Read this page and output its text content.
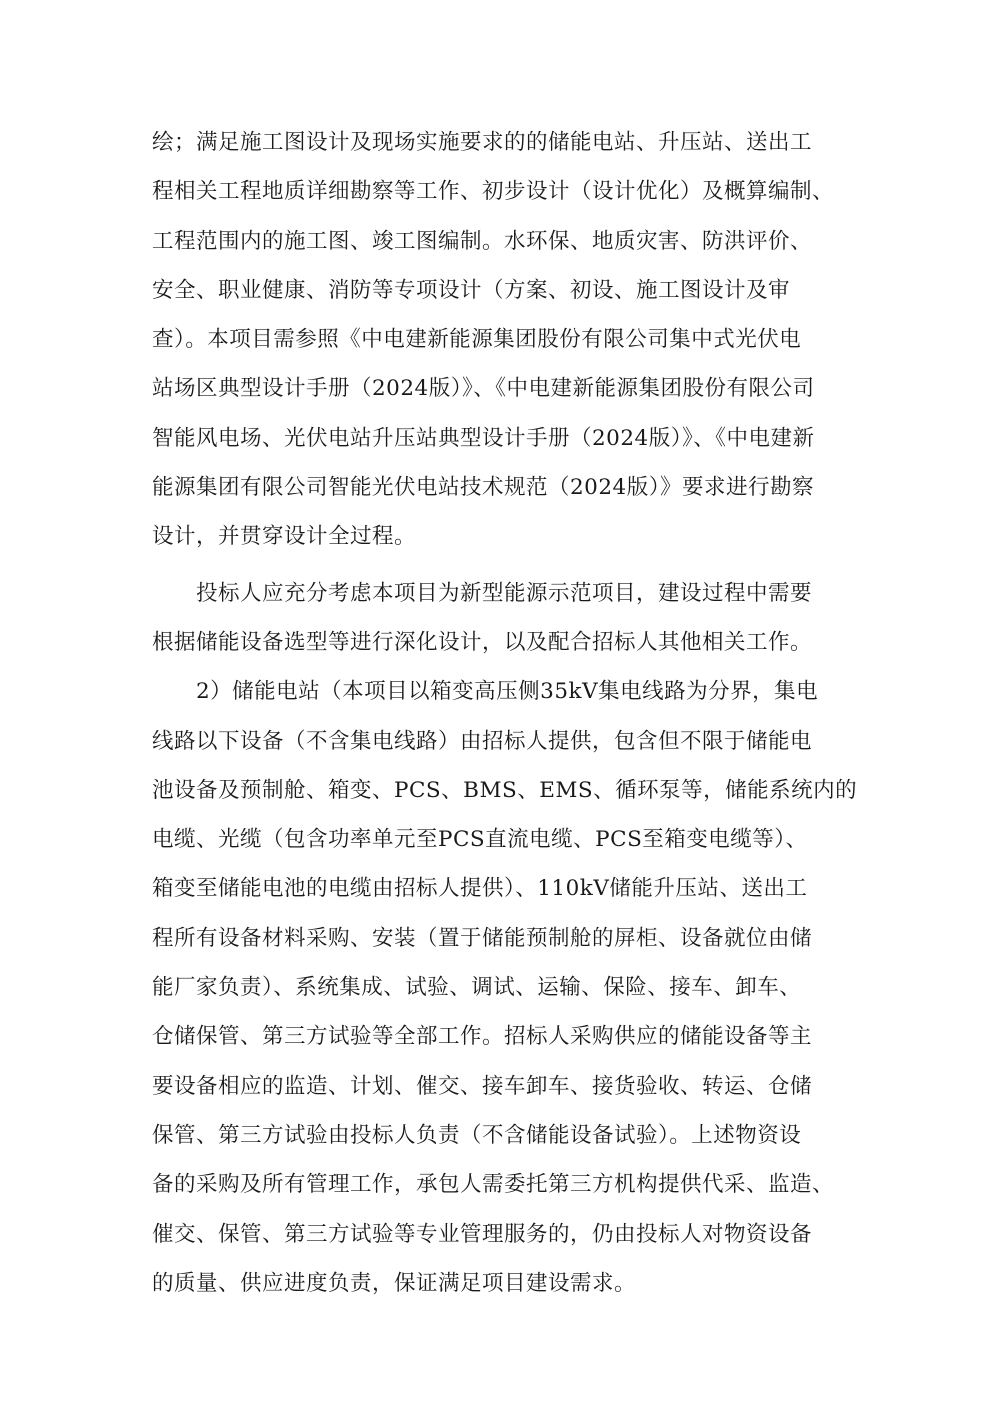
绘；满足施工图设计及现场实施要求的的储能电站、升压站、送出工
程相关工程地质详细勘察等工作、初步设计（设计优化）及概算编制、
工程范围内的施工图、竣工图编制。水环保、地质灾害、防洪评价、
安全、职业健康、消防等专项设计（方案、初设、施工图设计及审
查）。本项目需参照《中电建新能源集团股份有限公司集中式光伏电
站场区典型设计手册（2024版）》、《中电建新能源集团股份有限公司
智能风电场、光伏电站升压站典型设计手册（2024版）》、《中电建新
能源集团有限公司智能光伏电站技术规范（2024版）》要求进行勘察
设计，并贯穿设计全过程。
　　投标人应充分考虑本项目为新型能源示范项目，建设过程中需要
根据储能设备选型等进行深化设计，以及配合招标人其他相关工作。
　　2）储能电站（本项目以箱变高压侧35kV集电线路为分界，集电
线路以下设备（不含集电线路）由招标人提供，包含但不限于储能电
池设备及预制舱、箱变、PCS、BMS、EMS、循环泵等，储能系统内的
电缆、光缆（包含功率单元至PCS直流电缆、PCS至箱变电缆等）、
箱变至储能电池的电缆由招标人提供）、110kV储能升压站、送出工
程所有设备材料采购、安装（置于储能预制舱的屏柜、设备就位由储
能厂家负责）、系统集成、试验、调试、运输、保险、接车、卸车、
仓储保管、第三方试验等全部工作。招标人采购供应的储能设备等主
要设备相应的监造、计划、催交、接车卸车、接货验收、转运、仓储
保管、第三方试验由投标人负责（不含储能设备试验）。上述物资设
备的采购及所有管理工作，承包人需委托第三方机构提供代采、监造、
催交、保管、第三方试验等专业管理服务的，仍由投标人对物资设备
的质量、供应进度负责，保证满足项目建设需求。
